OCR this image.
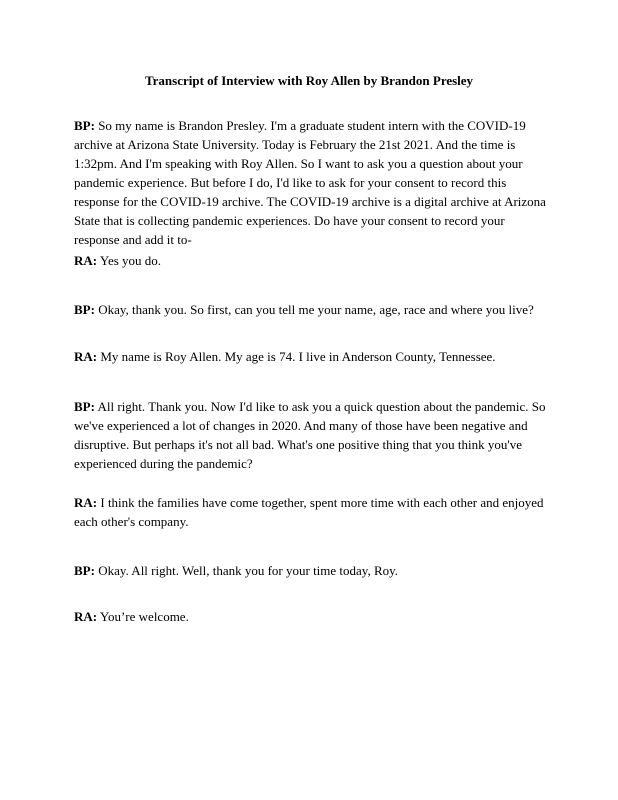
Transcript of Interview with Roy Allen by Brandon Presley

BP: So my name is Brandon Presley. I'm a graduate student intern with the COVID-19 archive at Arizona State University. Today is February the 21st 2021. And the time is 1:32pm. And I'm speaking with Roy Allen. So I want to ask you a question about your pandemic experience. But before I do, I'd like to ask for your consent to record this response for the COVID-19 archive. The COVID-19 archive is a digital archive at Arizona State that is collecting pandemic experiences. Do have your consent to record your response and add it to-

RA: Yes you do.

BP: Okay, thank you. So first, can you tell me your name, age, race and where you live?

RA: My name is Roy Allen. My age is 74. I live in Anderson County, Tennessee.

BP: All right. Thank you. Now I'd like to ask you a quick question about the pandemic. So we've experienced a lot of changes in 2020. And many of those have been negative and disruptive. But perhaps it's not all bad. What's one positive thing that you think you've experienced during the pandemic?

RA: I think the families have come together, spent more time with each other and enjoyed each other's company.

BP: Okay. All right. Well, thank you for your time today, Roy.

RA: You’re welcome.
